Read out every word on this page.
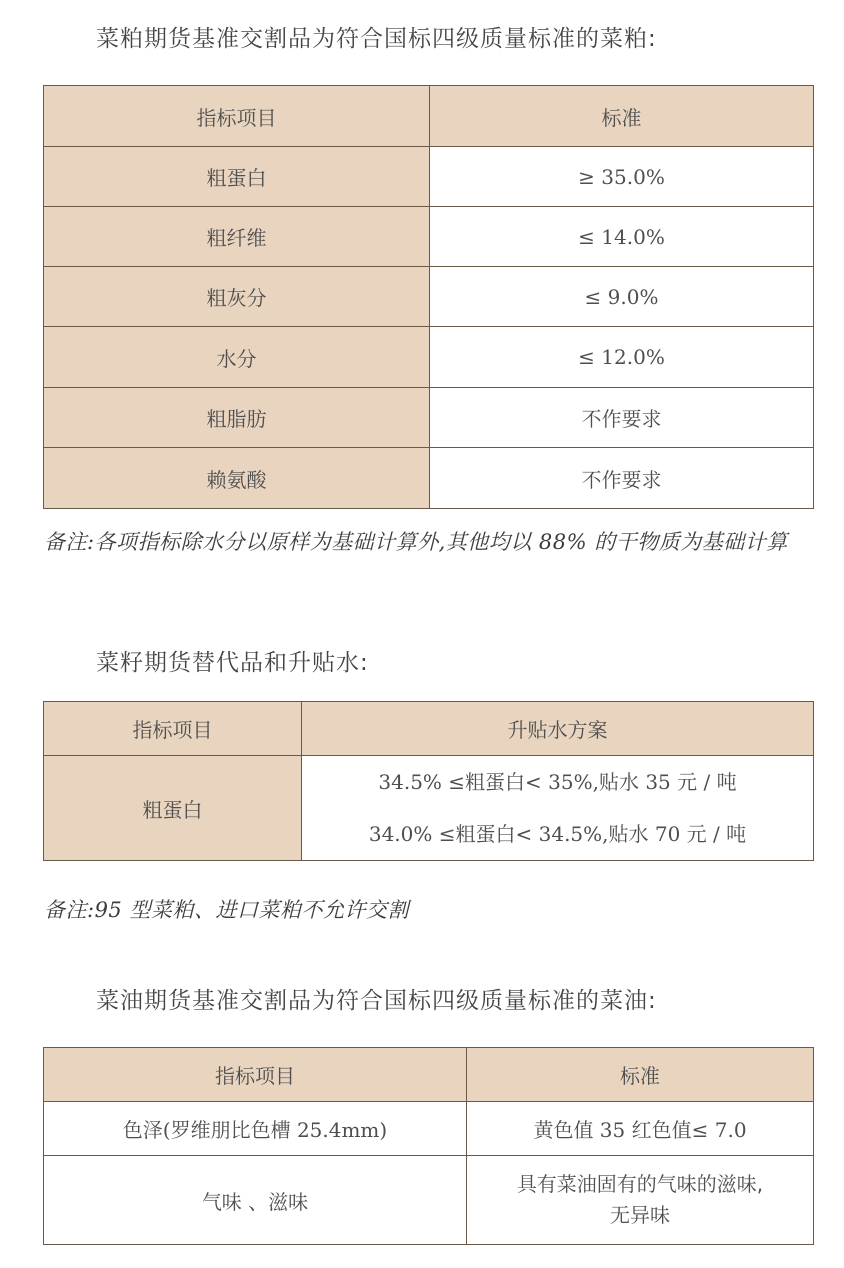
菜粕期货基准交割品为符合国标四级质量标准的菜粕:
指标项目	标准
粗蛋白	≥ 35.0%
粗纤维	≤ 14.0%
粗灰分	≤ 9.0%
水分	≤ 12.0%
粗脂肪	不作要求
赖氨酸	不作要求
备注:各项指标除水分以原样为基础计算外,其他均以 88% 的干物质为基础计算
菜籽期货替代品和升贴水:
指标项目	升贴水方案
粗蛋白	34.5% ≤粗蛋白< 35%,贴水 35 元 / 吨
34.0% ≤粗蛋白< 34.5%,贴水 70 元 / 吨
备注:95 型菜粕、进口菜粕不允许交割
菜油期货基准交割品为符合国标四级质量标准的菜油:
指标项目	标准
色泽(罗维朋比色槽 25.4mm)	黄色值 35 红色值≤ 7.0
气味 、滋味	具有菜油固有的气味的滋味,
无异味
